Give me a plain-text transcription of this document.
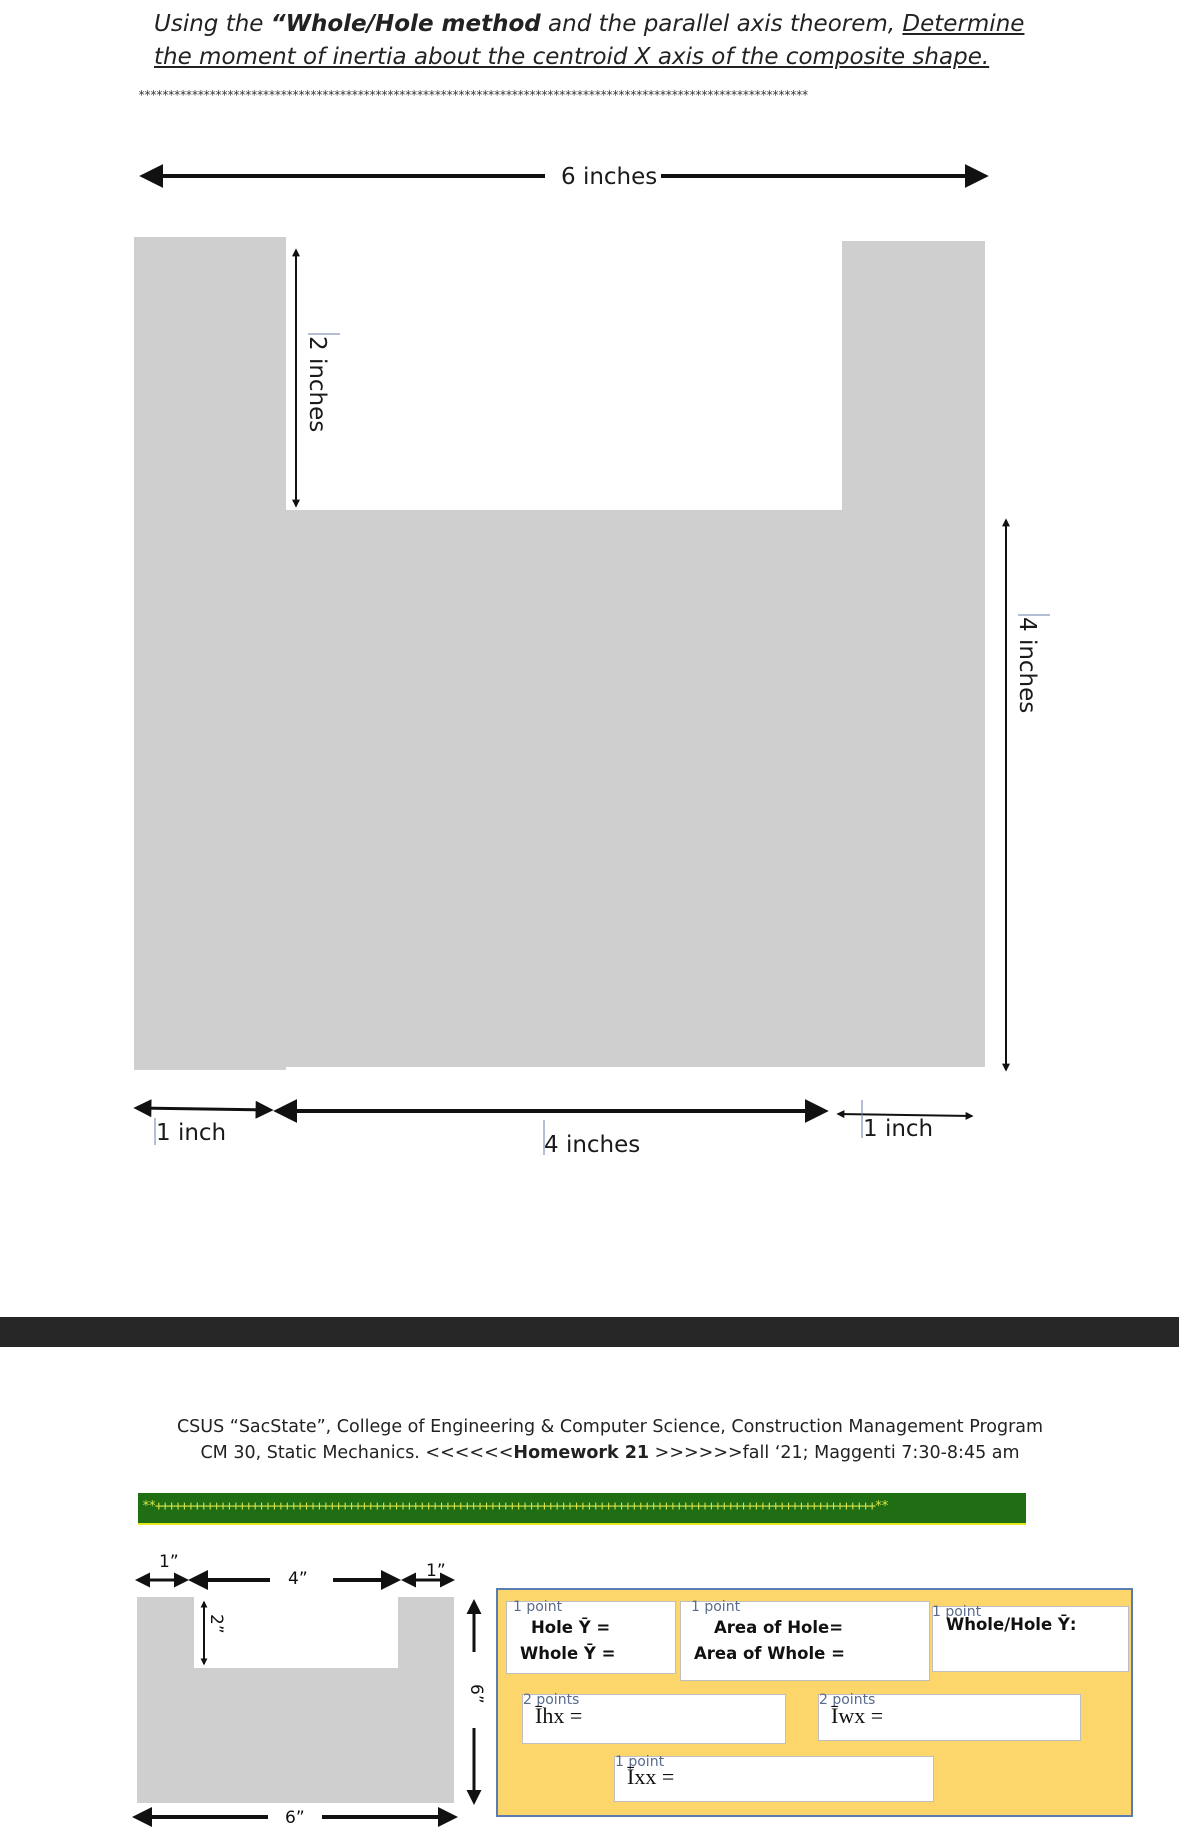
Using the “Whole/Hole method and the parallel axis theorem, Determine
the moment of inertia about the centroid X axis of the composite shape.
*****************************************************************************************************************
6 inches
2 inches
4 inches
1 inch	4 inches
1 inch
CSUS “SacState”, College of Engineering & Computer Science, Construction Management Program
CM 30, Static Mechanics. <<<<<<Homework 21 >>>>>>fall ‘21; Maggenti 7:30-8:45 am
**++++++++++++++++++++++++++++++++++++++++++++++++++++++++++++++++++++++++++++++++++++++++++++++++++++++++++++++++**
1”
4”	1”
2”
6”
6”
1 point
Hole Ȳ =
Whole Ȳ =
1 point
Area of Hole=
Area of Whole =
1 point
Whole/Hole Ȳ:
2 points
Īhx =
2 points
Īwx =
1 point
Īxx =
